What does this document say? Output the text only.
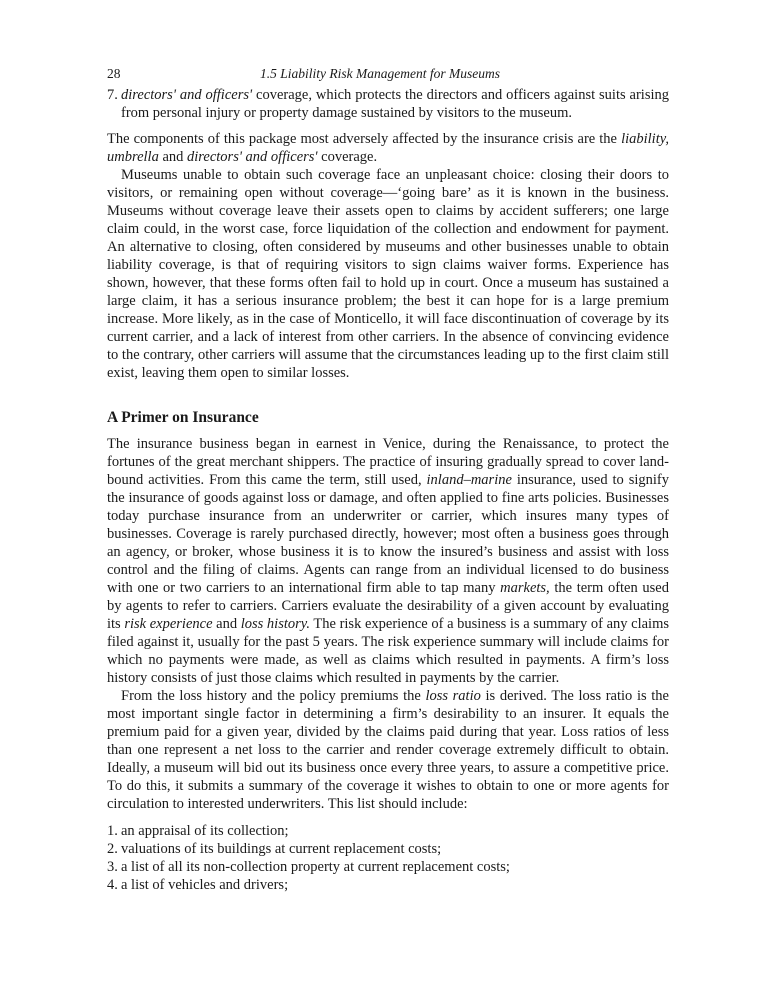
28	1.5 Liability Risk Management for Museums
7. directors' and officers' coverage, which protects the directors and officers against suits arising from personal injury or property damage sustained by visitors to the museum.

The components of this package most adversely affected by the insurance crisis are the liability, umbrella and directors' and officers' coverage.

Museums unable to obtain such coverage face an unpleasant choice: closing their doors to visitors, or remaining open without coverage—‘going bare’ as it is known in the business. Museums without coverage leave their assets open to claims by accident sufferers; one large claim could, in the worst case, force liquidation of the collection and endowment for payment. An alternative to closing, often considered by museums and other businesses unable to obtain liability coverage, is that of requiring visitors to sign claims waiver forms. Experience has shown, however, that these forms often fail to hold up in court. Once a museum has sustained a large claim, it has a serious insurance problem; the best it can hope for is a large premium increase. More likely, as in the case of Monticello, it will face discontinuation of coverage by its current carrier, and a lack of interest from other carriers. In the absence of convincing evidence to the contrary, other carriers will assume that the circumstances leading up to the first claim still exist, leaving them open to similar losses.

A Primer on Insurance

The insurance business began in earnest in Venice, during the Renaissance, to protect the fortunes of the great merchant shippers. The practice of insuring gradually spread to cover land-bound activities. From this came the term, still used, inland–marine insurance, used to signify the insurance of goods against loss or damage, and often applied to fine arts policies. Businesses today purchase insurance from an underwriter or carrier, which insures many types of businesses. Coverage is rarely purchased directly, however; most often a business goes through an agency, or broker, whose business it is to know the insured’s business and assist with loss control and the filing of claims. Agents can range from an individual licensed to do business with one or two carriers to an international firm able to tap many markets, the term often used by agents to refer to carriers. Carriers evaluate the desirability of a given account by evaluating its risk experience and loss history. The risk experience of a business is a summary of any claims filed against it, usually for the past 5 years. The risk experience summary will include claims for which no payments were made, as well as claims which resulted in payments. A firm’s loss history consists of just those claims which resulted in payments by the carrier.

From the loss history and the policy premiums the loss ratio is derived. The loss ratio is the most important single factor in determining a firm’s desirability to an insurer. It equals the premium paid for a given year, divided by the claims paid during that year. Loss ratios of less than one represent a net loss to the carrier and render coverage extremely difficult to obtain. Ideally, a museum will bid out its business once every three years, to assure a competitive price. To do this, it submits a summary of the coverage it wishes to obtain to one or more agents for circulation to interested underwriters. This list should include:

1. an appraisal of its collection;
2. valuations of its buildings at current replacement costs;
3. a list of all its non-collection property at current replacement costs;
4. a list of vehicles and drivers;
